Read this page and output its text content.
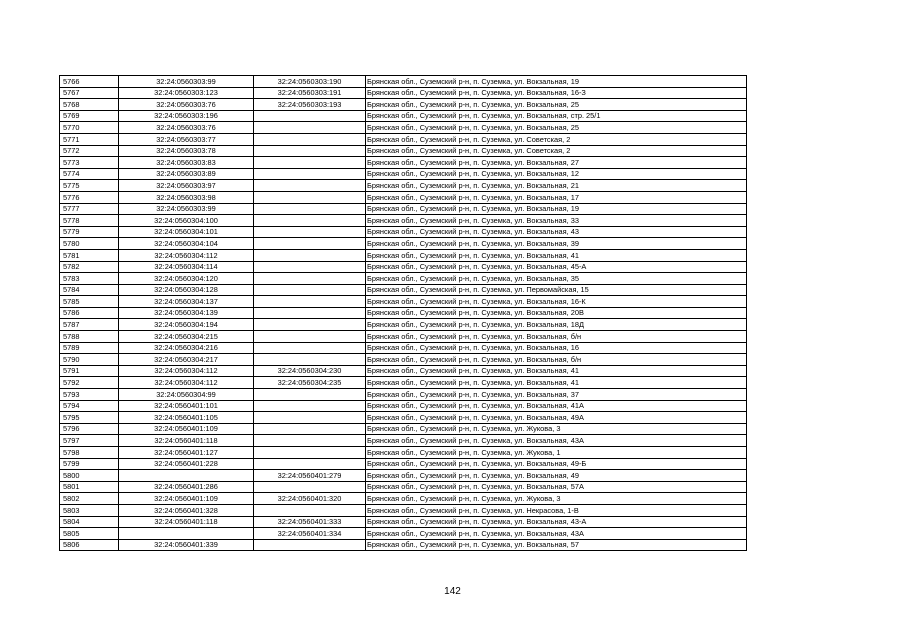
5766	32:24:0560303:99	32:24:0560303:190	Брянская обл., Суземский р-н, п. Суземка, ул. Вокзальная, 19
5767	32:24:0560303:123	32:24:0560303:191	Брянская обл., Суземский р-н, п. Суземка, ул. Вокзальная, 16-З
5768	32:24:0560303:76	32:24:0560303:193	Брянская обл., Суземский р-н, п. Суземка, ул. Вокзальная, 25
5769	32:24:0560303:196		Брянская обл., Суземский р-н, п. Суземка, ул. Вокзальная, стр. 25/1
5770	32:24:0560303:76		Брянская обл., Суземский р-н, п. Суземка, ул. Вокзальная, 25
5771	32:24:0560303:77		Брянская обл., Суземский р-н, п. Суземка, ул. Советская, 2
5772	32:24:0560303:78		Брянская обл., Суземский р-н, п. Суземка, ул. Советская, 2
5773	32:24:0560303:83		Брянская обл., Суземский р-н, п. Суземка, ул. Вокзальная, 27
5774	32:24:0560303:89		Брянская обл., Суземский р-н, п. Суземка, ул. Вокзальная, 12
5775	32:24:0560303:97		Брянская обл., Суземский р-н, п. Суземка, ул. Вокзальная, 21
5776	32:24:0560303:98		Брянская обл., Суземский р-н, п. Суземка, ул. Вокзальная, 17
5777	32:24:0560303:99		Брянская обл., Суземский р-н, п. Суземка, ул. Вокзальная, 19
5778	32:24:0560304:100		Брянская обл., Суземский р-н, п. Суземка, ул. Вокзальная, 33
5779	32:24:0560304:101		Брянская обл., Суземский р-н, п. Суземка, ул. Вокзальная, 43
5780	32:24:0560304:104		Брянская обл., Суземский р-н, п. Суземка, ул. Вокзальная, 39
5781	32:24:0560304:112		Брянская обл., Суземский р-н, п. Суземка, ул. Вокзальная, 41
5782	32:24:0560304:114		Брянская обл., Суземский р-н, п. Суземка, ул. Вокзальная, 45-А
5783	32:24:0560304:120		Брянская обл., Суземский р-н, п. Суземка, ул. Вокзальная, 35
5784	32:24:0560304:128		Брянская обл., Суземский р-н, п. Суземка, ул. Первомайская, 15
5785	32:24:0560304:137		Брянская обл., Суземский р-н, п. Суземка, ул. Вокзальная, 16-К
5786	32:24:0560304:139		Брянская обл., Суземский р-н, п. Суземка, ул. Вокзальная, 20В
5787	32:24:0560304:194		Брянская обл., Суземский р-н, п. Суземка, ул. Вокзальная, 18Д
5788	32:24:0560304:215		Брянская обл., Суземский р-н, п. Суземка, ул. Вокзальная, б/н
5789	32:24:0560304:216		Брянская обл., Суземский р-н, п. Суземка, ул. Вокзальная, 16
5790	32:24:0560304:217		Брянская обл., Суземский р-н, п. Суземка, ул. Вокзальная, б/н
5791	32:24:0560304:112	32:24:0560304:230	Брянская обл., Суземский р-н, п. Суземка, ул. Вокзальная, 41
5792	32:24:0560304:112	32:24:0560304:235	Брянская обл., Суземский р-н, п. Суземка, ул. Вокзальная, 41
5793	32:24:0560304:99		Брянская обл., Суземский р-н, п. Суземка, ул. Вокзальная, 37
5794	32:24:0560401:101		Брянская обл., Суземский р-н, п. Суземка, ул. Вокзальная, 41А
5795	32:24:0560401:105		Брянская обл., Суземский р-н, п. Суземка, ул. Вокзальная, 49А
5796	32:24:0560401:109		Брянская обл., Суземский р-н, п. Суземка, ул. Жукова, 3
5797	32:24:0560401:118		Брянская обл., Суземский р-н, п. Суземка, ул. Вокзальная, 43А
5798	32:24:0560401:127		Брянская обл., Суземский р-н, п. Суземка, ул. Жукова, 1
5799	32:24:0560401:228		Брянская обл., Суземский р-н, п. Суземка, ул. Вокзальная, 49-Б
5800		32:24:0560401:279	Брянская обл., Суземский р-н, п. Суземка, ул. Вокзальная, 49
5801	32:24:0560401:286		Брянская обл., Суземский р-н, п. Суземка, ул. Вокзальная, 57А
5802	32:24:0560401:109	32:24:0560401:320	Брянская обл., Суземский р-н, п. Суземка, ул. Жукова, 3
5803	32:24:0560401:328		Брянская обл., Суземский р-н, п. Суземка, ул. Некрасова, 1-В
5804	32:24:0560401:118	32:24:0560401:333	Брянская обл., Суземский р-н, п. Суземка, ул. Вокзальная, 43-А
5805		32:24:0560401:334	Брянская обл., Суземский р-н, п. Суземка, ул. Вокзальная, 43А
5806	32:24:0560401:339		Брянская обл., Суземский р-н, п. Суземка, ул. Вокзальная, 57
142
